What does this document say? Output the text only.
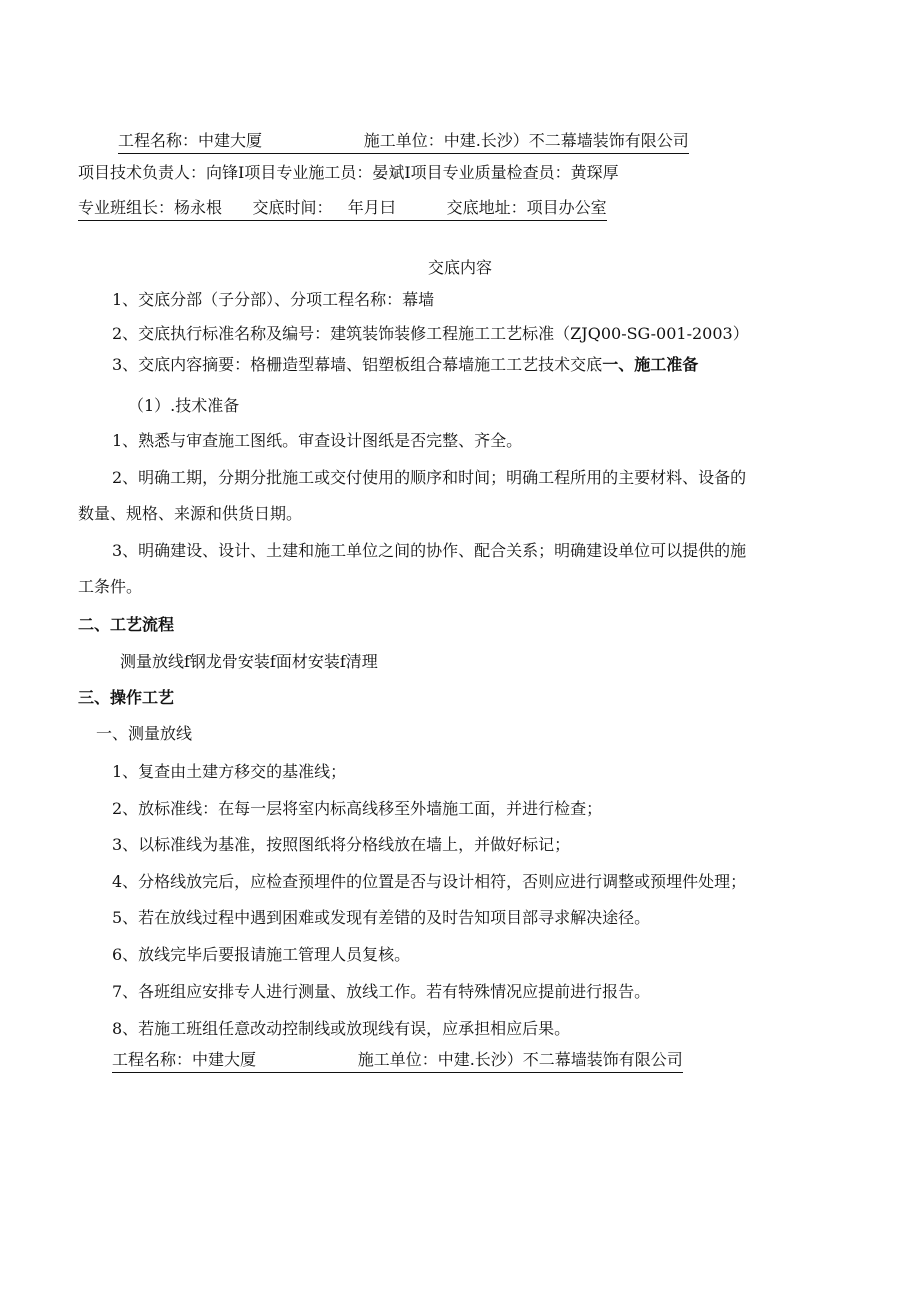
工程名称：中建大厦                    施工单位：中建.长沙）不二幕墙装饰有限公司
项目技术负责人：向锋I项目专业施工员：晏斌I项目专业质量检查员：黄琛厚
专业班组长：杨永根      交底时间：   年月曰          交底地址：项目办公室
交底内容
1、交底分部（子分部）、分项工程名称：幕墙
2、交底执行标准名称及编号：建筑装饰装修工程施工工艺标准（ZJQ00-SG-001-2003）
3、交底内容摘要：格栅造型幕墙、铝塑板组合幕墙施工工艺技术交底一、施工准备
（1）.技术准备
1、熟悉与审查施工图纸。审查设计图纸是否完整、齐全。
2、明确工期，分期分批施工或交付使用的顺序和时间；明确工程所用的主要材料、设备的
数量、规格、来源和供货日期。
3、明确建设、设计、土建和施工单位之间的协作、配合关系；明确建设单位可以提供的施
工条件。
二、工艺流程
测量放线f钢龙骨安装f面材安装f清理
三、操作工艺
一、测量放线
1、复查由土建方移交的基准线；
2、放标准线：在每一层将室内标高线移至外墙施工面，并进行检查；
3、以标准线为基准，按照图纸将分格线放在墙上，并做好标记；
4、分格线放完后，应检查预埋件的位置是否与设计相符，否则应进行调整或预埋件处理；
5、若在放线过程中遇到困难或发现有差错的及时告知项目部寻求解决途径。
6、放线完毕后要报请施工管理人员复核。
7、各班组应安排专人进行测量、放线工作。若有特殊情况应提前进行报告。
8、若施工班组任意改动控制线或放现线有误，应承担相应后果。
工程名称：中建大厦                    施工单位：中建.长沙）不二幕墙装饰有限公司
